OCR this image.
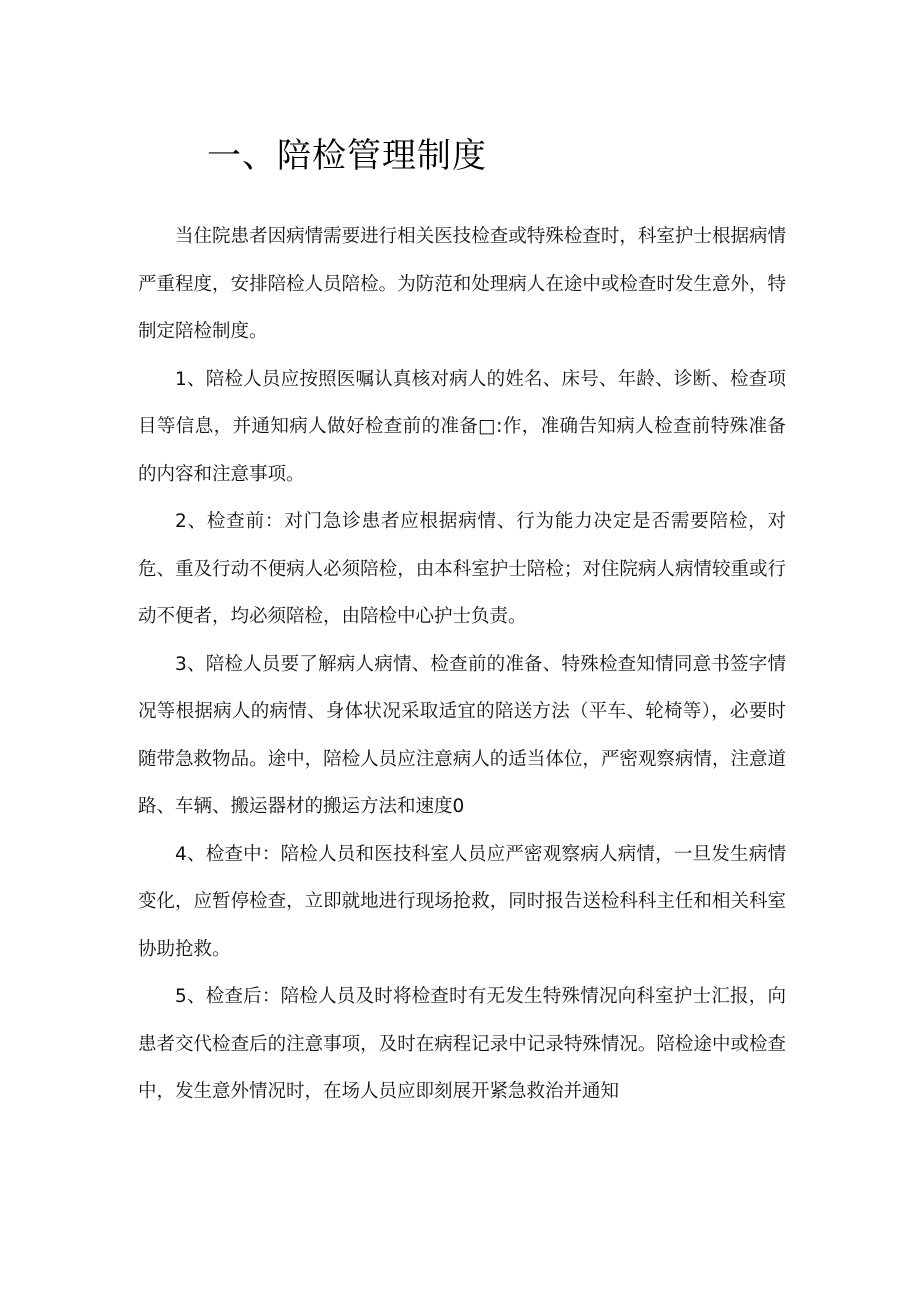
一、陪检管理制度

当住院患者因病情需要进行相关医技检查或特殊检查时，科室护士根据病情严重程度，安排陪检人员陪检。为防范和处理病人在途中或检查时发生意外，特制定陪检制度。

1、陪检人员应按照医嘱认真核对病人的姓名、床号、年龄、诊断、检查项目等信息，并通知病人做好检查前的准备□:作，准确告知病人检查前特殊准备的内容和注意事项。

2、检查前：对门急诊患者应根据病情、行为能力决定是否需要陪检，对危、重及行动不便病人必须陪检，由本科室护士陪检；对住院病人病情较重或行动不便者，均必须陪检，由陪检中心护士负责。

3、陪检人员要了解病人病情、检查前的准备、特殊检查知情同意书签字情况等根据病人的病情、身体状况采取适宜的陪送方法（平车、轮椅等），必要时随带急救物品。途中，陪检人员应注意病人的适当体位，严密观察病情，注意道路、车辆、搬运器材的搬运方法和速度0

4、检查中：陪检人员和医技科室人员应严密观察病人病情，一旦发生病情变化，应暂停检查，立即就地进行现场抢救，同时报告送检科科主任和相关科室协助抢救。

5、检查后：陪检人员及时将检查时有无发生特殊情况向科室护士汇报，向患者交代检查后的注意事项，及时在病程记录中记录特殊情况。陪检途中或检查中，发生意外情况时，在场人员应即刻展开紧急救治并通知
